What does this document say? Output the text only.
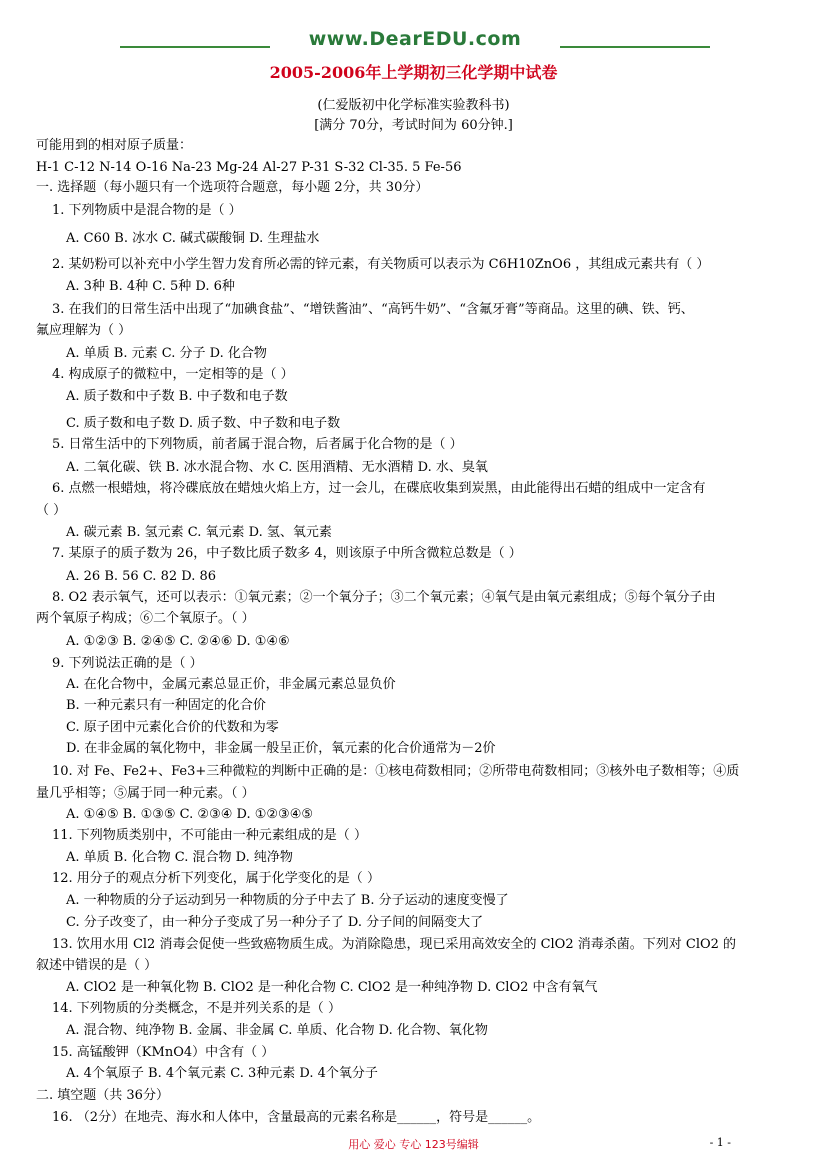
www.DearEDU.com
2005-2006年上学期初三化学期中试卷
(仁爱版初中化学标准实验教科书)
[满分 70分，考试时间为 60分钟.]
可能用到的相对原子质量：
H-1 C-12 N-14 O-16 Na-23 Mg-24 Al-27 P-31 S-32 Cl-35. 5 Fe-56
一. 选择题（每小题只有一个选项符合题意，每小题 2分，共 30分）
1. 下列物质中是混合物的是（ ）
A. C60 B. 冰水 C. 碱式碳酸铜 D. 生理盐水
2. 某奶粉可以补充中小学生智力发育所必需的锌元素，有关物质可以表示为 C6H10ZnO6 ，其组成元素共有（ ）
A. 3种 B. 4种 C. 5种 D. 6种
3. 在我们的日常生活中出现了“加碘食盐”、“增铁酱油”、“高钙牛奶”、“含氟牙膏”等商品。这里的碘、铁、钙、
氟应理解为（ ）
A. 单质 B. 元素 C. 分子 D. 化合物
4. 构成原子的微粒中，一定相等的是（ ）
A. 质子数和中子数 B. 中子数和电子数
C. 质子数和电子数 D. 质子数、中子数和电子数
5. 日常生活中的下列物质，前者属于混合物，后者属于化合物的是（ ）
A. 二氧化碳、铁 B. 冰水混合物、水 C. 医用酒精、无水酒精 D. 水、臭氧
6. 点燃一根蜡烛，将冷碟底放在蜡烛火焰上方，过一会儿，在碟底收集到炭黑，由此能得出石蜡的组成中一定含有
（ ）
A. 碳元素 B. 氢元素 C. 氧元素 D. 氢、氧元素
7. 某原子的质子数为 26，中子数比质子数多 4，则该原子中所含微粒总数是（ ）
A. 26 B. 56 C. 82 D. 86
8. O2 表示氧气，还可以表示：①氧元素；②一个氧分子；③二个氧元素；④氧气是由氧元素组成；⑤每个氧分子由
两个氧原子构成；⑥二个氧原子。（ ）
A. ①②③ B. ②④⑤ C. ②④⑥ D. ①④⑥
9. 下列说法正确的是（ ）
A. 在化合物中，金属元素总显正价，非金属元素总显负价
B. 一种元素只有一种固定的化合价
C. 原子团中元素化合价的代数和为零
D. 在非金属的氧化物中，非金属一般呈正价，氧元素的化合价通常为－2价
10. 对 Fe、Fe2+、Fe3+三种微粒的判断中正确的是：①核电荷数相同；②所带电荷数相同；③核外电子数相等；④质
量几乎相等；⑤属于同一种元素。（ ）
A. ①④⑤ B. ①③⑤ C. ②③④ D. ①②③④⑤
11. 下列物质类别中，不可能由一种元素组成的是（ ）
A. 单质 B. 化合物 C. 混合物 D. 纯净物
12. 用分子的观点分析下列变化，属于化学变化的是（ ）
A. 一种物质的分子运动到另一种物质的分子中去了 B. 分子运动的速度变慢了
C. 分子改变了，由一种分子变成了另一种分子了 D. 分子间的间隔变大了
13. 饮用水用 Cl2 消毒会促使一些致癌物质生成。为消除隐患，现已采用高效安全的 ClO2 消毒杀菌。下列对 ClO2 的
叙述中错误的是（ ）
A. ClO2 是一种氧化物 B. ClO2 是一种化合物 C. ClO2 是一种纯净物 D. ClO2 中含有氧气
14. 下列物质的分类概念，不是并列关系的是（ ）
A. 混合物、纯净物 B. 金属、非金属 C. 单质、化合物 D. 化合物、氧化物
15. 高锰酸钾（KMnO4）中含有（ ）
A. 4个氧原子 B. 4个氧元素 C. 3种元素 D. 4个氧分子
二. 填空题（共 36分）
16. （2分）在地壳、海水和人体中，含量最高的元素名称是______，符号是______。
用心 爱心 专心 123号编辑	- 1 -
